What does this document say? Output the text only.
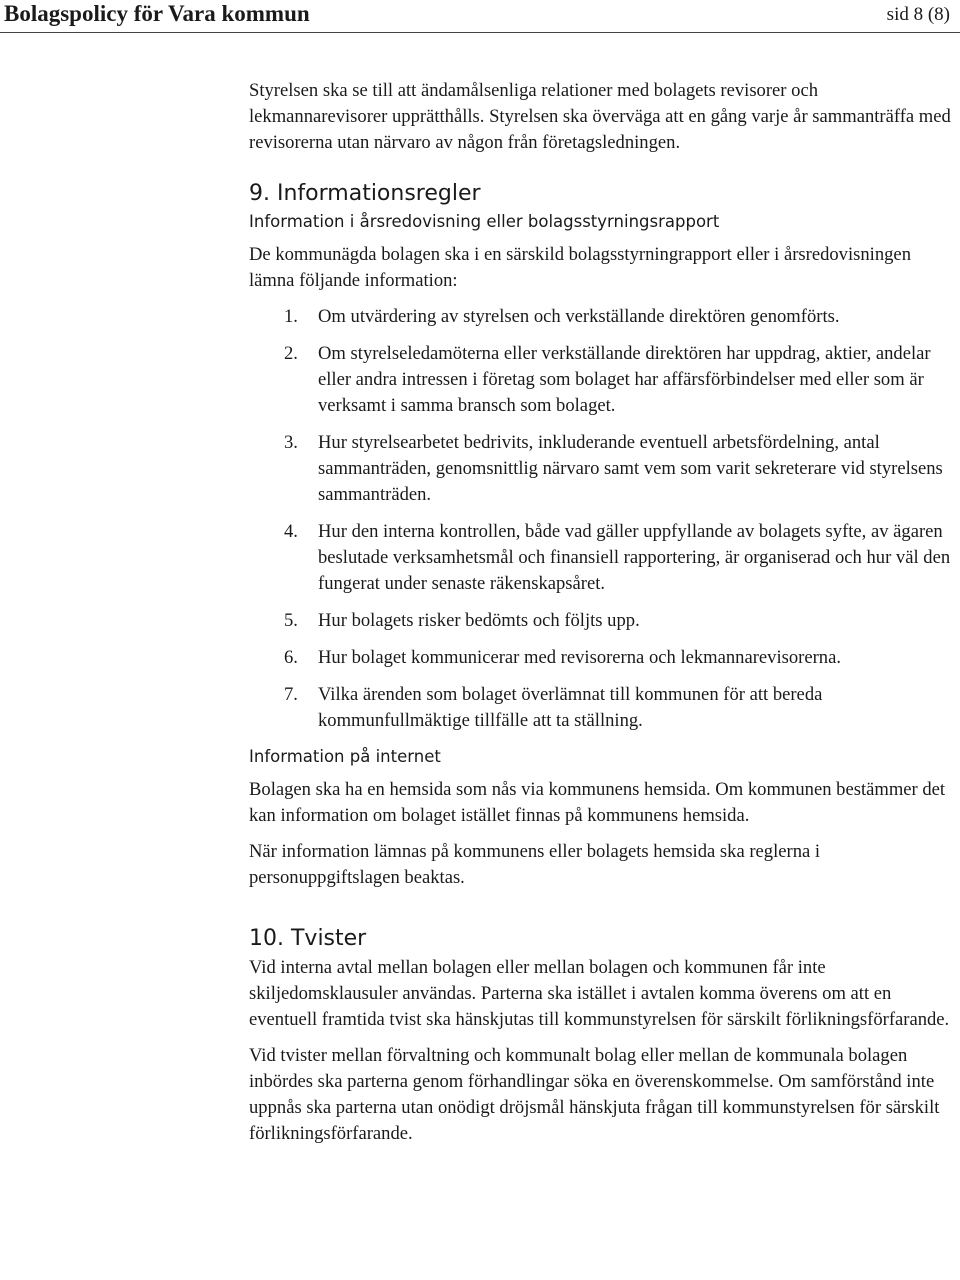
Bolagspolicy för Vara kommun	sid 8 (8)

Styrelsen ska se till att ändamålsenliga relationer med bolagets revisorer och lekmannarevisorer upprätthålls. Styrelsen ska överväga att en gång varje år sammanträffa med revisorerna utan närvaro av någon från företagsledningen.

9. Informationsregler
Information i årsredovisning eller bolagsstyrningsrapport

De kommunägda bolagen ska i en särskild bolagsstyrningrapport eller i årsredovisningen lämna följande information:

1. Om utvärdering av styrelsen och verkställande direktören genomförts.
2. Om styrelseledamöterna eller verkställande direktören har uppdrag, aktier, andelar eller andra intressen i företag som bolaget har affärsförbindelser med eller som är verksamt i samma bransch som bolaget.
3. Hur styrelsearbetet bedrivits, inkluderande eventuell arbetsfördelning, antal sammanträden, genomsnittlig närvaro samt vem som varit sekreterare vid styrelsens sammanträden.
4. Hur den interna kontrollen, både vad gäller uppfyllande av bolagets syfte, av ägaren beslutade verksamhetsmål och finansiell rapportering, är organiserad och hur väl den fungerat under senaste räkenskapsåret.
5. Hur bolagets risker bedömts och följts upp.
6. Hur bolaget kommunicerar med revisorerna och lekmannarevisorerna.
7. Vilka ärenden som bolaget överlämnat till kommunen för att bereda kommunfullmäktige tillfälle att ta ställning.
Information på internet

Bolagen ska ha en hemsida som nås via kommunens hemsida. Om kommunen bestämmer det kan information om bolaget istället finnas på kommunens hemsida.

När information lämnas på kommunens eller bolagets hemsida ska reglerna i personuppgiftslagen beaktas.

10. Tvister

Vid interna avtal mellan bolagen eller mellan bolagen och kommunen får inte skiljedomsklausuler användas. Parterna ska istället i avtalen komma överens om att en eventuell framtida tvist ska hänskjutas till kommunstyrelsen för särskilt förlikningsförfarande.

Vid tvister mellan förvaltning och kommunalt bolag eller mellan de kommunala bolagen inbördes ska parterna genom förhandlingar söka en överenskommelse. Om samförstånd inte uppnås ska parterna utan onödigt dröjsmål hänskjuta frågan till kommunstyrelsen för särskilt förlikningsförfarande.
